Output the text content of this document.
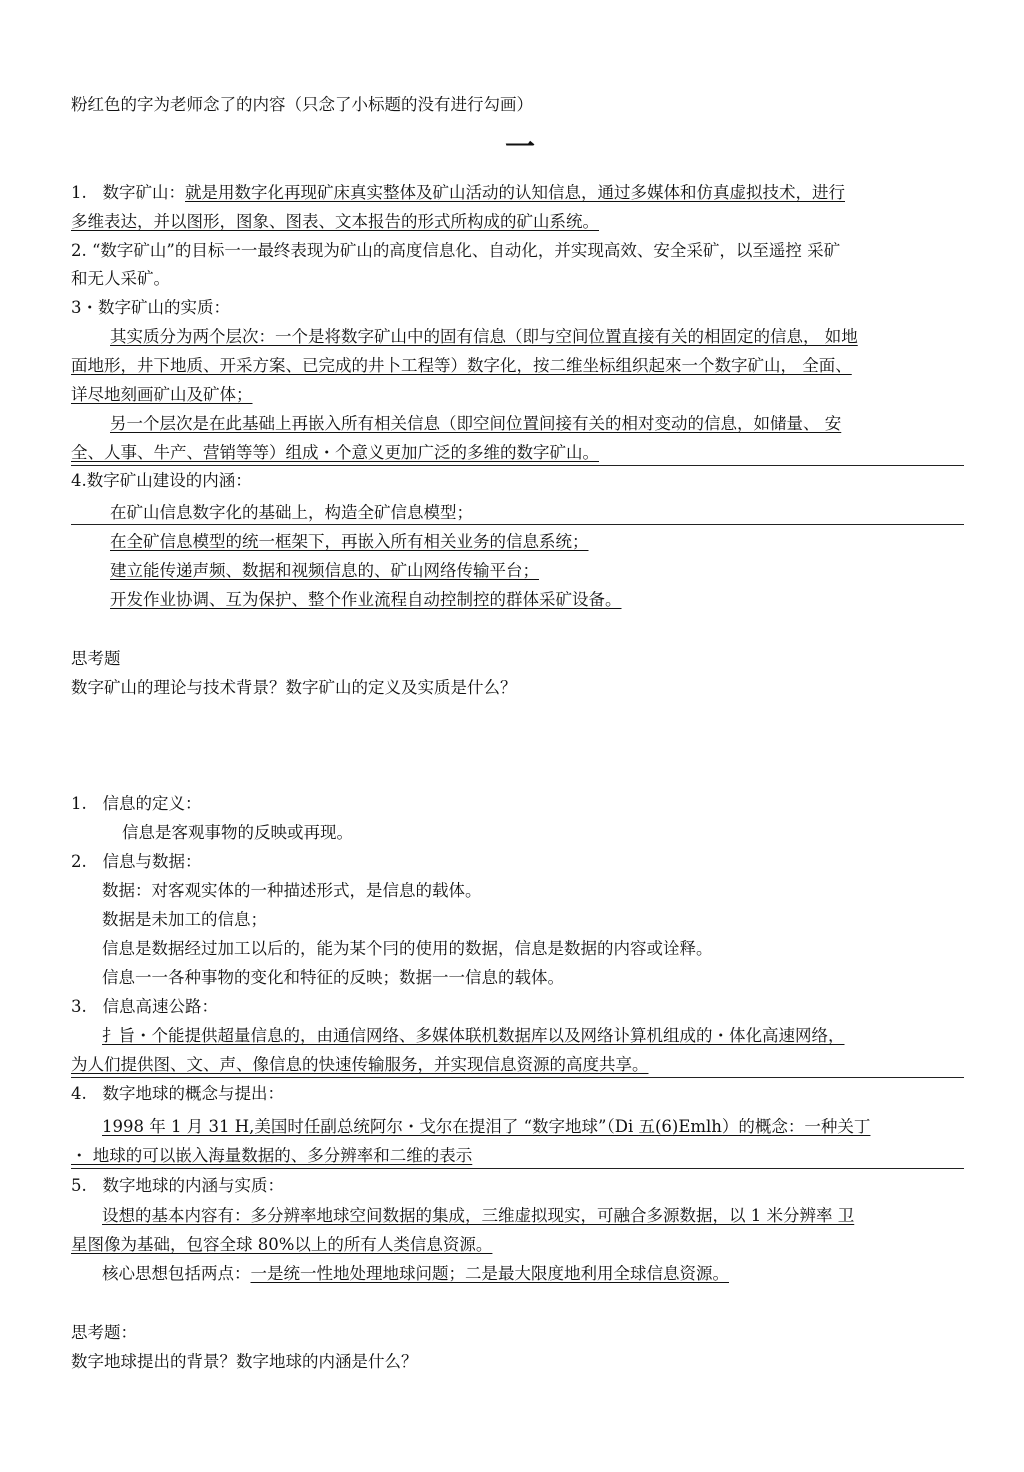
粉红色的字为老师念了的内容（只念了小标题的没有进行勾画）
一
1. 数字矿山：就是用数字化再现矿床真实整体及矿山活动的认知信息，通过多媒体和仿真虚拟技术，进行
多维表达，并以图形，图象、图表、文本报告的形式所构成的矿山系统。
2. “数字矿山”的目标一一最终表现为矿山的高度信息化、自动化，并实现高效、安全采矿，以至遥控 采矿
和无人采矿。
3・数字矿山的实质：
其实质分为两个层次：一个是将数字矿山中的固有信息（即与空间位置直接有关的相固定的信息， 如地
面地形，井下地质、开采方案、已完成的井卜工程等）数字化，按二维坐标组织起來一个数字矿山， 全面、
详尽地刻画矿山及矿体；
另一个层次是在此基础上再嵌入所有相关信息（即空间位置间接有关的相对变动的信息，如储量、 安
全、人事、牛产、营销等等）组成・个意义更加广泛的多维的数字矿山。
4.数字矿山建设的内涵：
在矿山信息数字化的基础上，构造全矿信息模型；
在全矿信息模型的统一框架下，再嵌入所有相关业务的信息系统；
建立能传递声频、数据和视频信息的、矿山网络传输平台；
开发作业协调、互为保护、整个作业流程自动控制控的群体采矿设备。
思考题
数字矿山的理论与技术背景？数字矿山的定义及实质是什么？
1. 信息的定义：
信息是客观事物的反映或再现。
2. 信息与数据：
数据：对客观实体的一种描述形式，是信息的载体。
数据是未加工的信息；
信息是数据经过加工以后的，能为某个冃的使用的数据，信息是数据的内容或诠释。
信息一一各种事物的变化和特征的反映；数据一一信息的载体。
3. 信息高速公路：
扌旨・个能提供超量信息的，由通信网络、多媒体联机数据库以及网络讣算机组成的・体化高速网络，
为人们提供图、文、声、像信息的快速传输服务，并实现信息资源的高度共享。
4. 数字地球的概念与提出：
1998 年 1 月 31 H,美国时任副总统阿尔・戈尔在提泪了 “数字地球”（Di 五(6)Emlh）的概念：一种关丁
・ 地球的可以嵌入海量数据的、多分辨率和二维的表示
5. 数字地球的内涵与实质：
设想的基本内容有：多分辨率地球空间数据的集成，三维虚拟现实，可融合多源数据，以 1 米分辨率 卫
星图像为基础，包容全球 80%以上的所有人类信息资源。
核心思想包括两点：一是统一性地处理地球问题；二是最大限度地利用全球信息资源。
思考题：
数字地球提出的背景？数字地球的内涵是什么？
